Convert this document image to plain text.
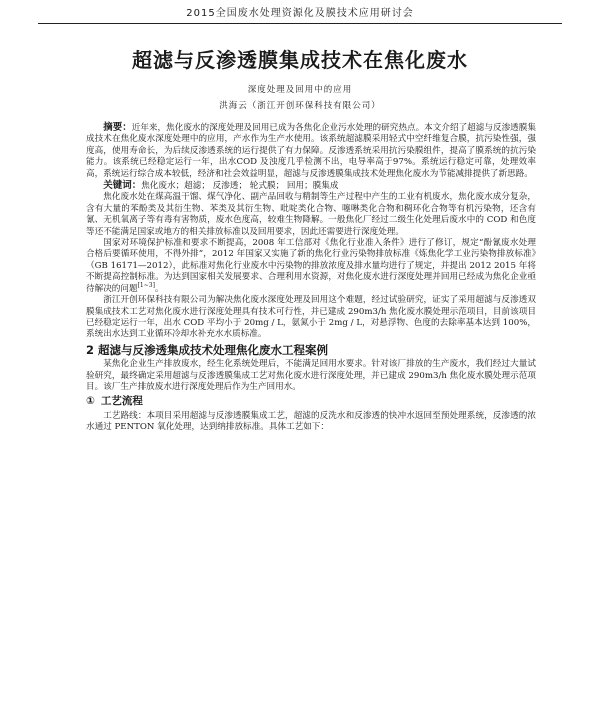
2015全国废水处理资源化及膜技术应用研讨会
超滤与反渗透膜集成技术在焦化废水
深度处理及回用中的应用
洪海云（浙江开创环保科技有限公司）

摘要：近年来，焦化废水的深度处理及回用已成为各焦化企业污水处理的研究热点。本文介绍了超滤与反渗透膜集成技术在焦化废水深度处理中的应用，产水作为生产水使用。该系统超滤膜采用轻式中空纤维复合膜，抗污染性强，强度高，使用寿命长，为后续反渗透系统的运行提供了有力保障。反渗透系统采用抗污染膜组件，提高了膜系统的抗污染能力。该系统已经稳定运行一年，出水COD 及浊度几乎检测不出，电导率高于97%。系统运行稳定可靠，处理效率高，系统运行综合成本较低，经济和社会效益明显，超滤与反渗透膜集成技术处理焦化废水为节能减排提供了新思路。

关键词：焦化废水；超滤； 反渗透； 轮式膜； 回用；膜集成

焦化废水处在煤高温干馏、煤气净化、副产品回收与精制等生产过程中产生的工业有机废水，焦化废水成分复杂，含有大量的苯酚类及其衍生物、苯类及其衍生物、吡啶类化合物、噻啉类化合物和稠环化合物等有机污染物，还含有氰、无机氧离子等有毒有害物质，废水色度高，较难生物降解。一般焦化厂经过二级生化处理后废水中的 COD 和色度等还不能满足国家或地方的相关排放标准以及回用要求，因此还需要进行深度处理。

国家对环境保护标准和要求不断提高，2008 年工信部对《焦化行业准入条件》进行了修订，规定“酚氰废水处理合格后要循环使用，不得外排”，2012 年国家又实施了新的焦化行业污染物排放标准《炼焦化学工业污染物排放标准》（GB 16171—2012），此标准对焦化行业废水中污染物的排放浓度及排水量均进行了规定，并提出 2012 2015 年将不断提高控制标准。为达到国家相关发展要求、合理利用水资源，对焦化废水进行深度处理并回用已经成为焦化企业亟待解决的问题[1~3]。

浙江开创环保科技有限公司为解决焦化废水深度处理及回用这个难题，经过试验研究，证实了采用超滤与反渗透双膜集成技术工艺对焦化废水进行深度处理具有技术可行性，并已建成 290m3/h 焦化废水膜处理示范项目，目前该项目已经稳定运行一年，出水 COD 平均小于 20mg / L，氨氮小于 2mg / L，对悬浮物、色度的去除率基本达到 100%，系统出水达到工业循环冷却水补充水水质标准。

2 超滤与反渗透集成技术处理焦化废水工程案例

某焦化企业生产排放废水，经生化系统处理后，不能满足回用水要求。针对该厂排放的生产废水，我们经过大量试验研究，最终确定采用超滤与反渗透膜集成工艺对焦化废水进行深度处理，并已建成 290m3/h 焦化废水膜处理示范项目。该厂生产排放废水进行深度处理后作为生产回用水。

① 工艺流程

工艺路线：本项目采用超滤与反渗透膜集成工艺，超滤的反洗水和反渗透的快冲水返回至预处理系统，反渗透的浓水通过 PENTON 氧化处理，达到纳排放标准。具体工艺如下：
